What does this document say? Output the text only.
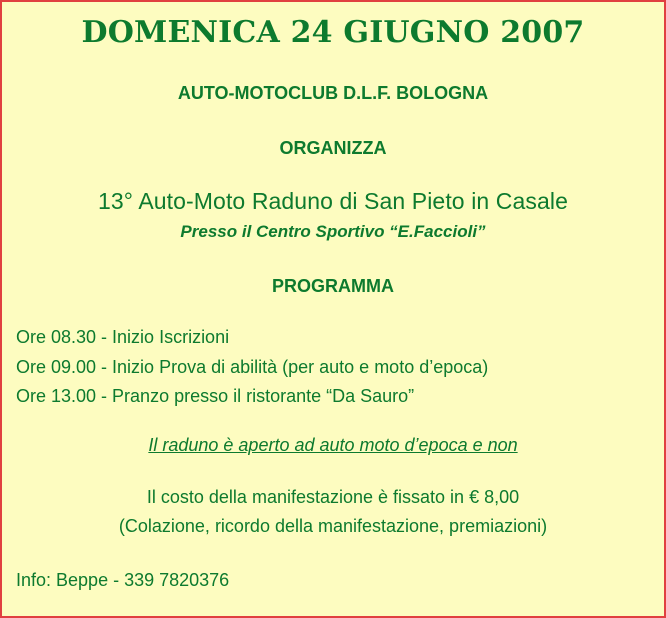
DOMENICA 24 GIUGNO 2007
AUTO-MOTOCLUB D.L.F. BOLOGNA
ORGANIZZA
13° Auto-Moto Raduno di San Pieto in Casale
Presso il Centro Sportivo “E.Faccioli”
PROGRAMMA
Ore 08.30 - Inizio Iscrizioni
Ore 09.00 - Inizio Prova di abilità (per auto e moto d’epoca)
Ore 13.00 - Pranzo presso il ristorante “Da Sauro”
Il raduno è aperto ad auto moto d’epoca e non
Il costo della manifestazione è fissato in € 8,00
(Colazione, ricordo della manifestazione, premiazioni)
Info: Beppe - 339 7820376
